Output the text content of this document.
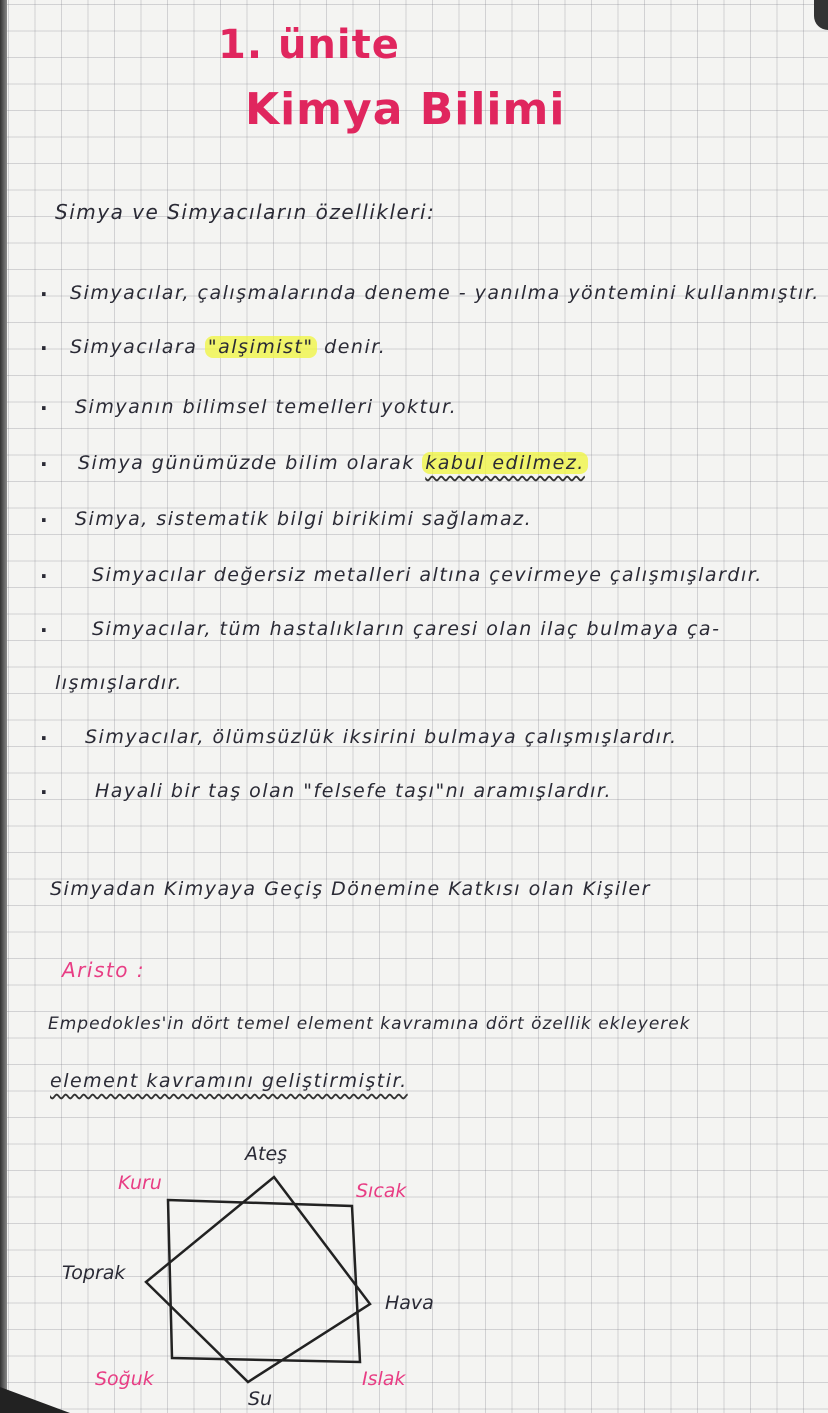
1. ünite
Kimya Bilimi
Simya ve Simyacıların özellikleri:
· Simyacılar, çalışmalarında deneme - yanılma yöntemini kullanmıştır.
· Simyacılara "alşimist" denir.
· Simyanın bilimsel temelleri yoktur.
· Simya günümüzde bilim olarak kabul edilmez.
· Simya, sistematik bilgi birikimi sağlamaz.
· Simyacılar değersiz metalleri altına çevirmeye çalışmışlardır.
· Simyacılar, tüm hastalıkların çaresi olan ilaç bulmaya ça-
lışmışlardır.
· Simyacılar, ölümsüzlük iksirini bulmaya çalışmışlardır.
· Hayali bir taş olan "felsefe taşı"nı aramışlardır.
Simyadan Kimyaya Geçiş Dönemine Katkısı olan Kişiler
Aristo :
Empedokles'in dört temel element kavramına dört özellik ekleyerek
element kavramını geliştirmiştir.
Ateş
Toprak
Hava
Su
Kuru	Sıcak
Soğuk	Islak
